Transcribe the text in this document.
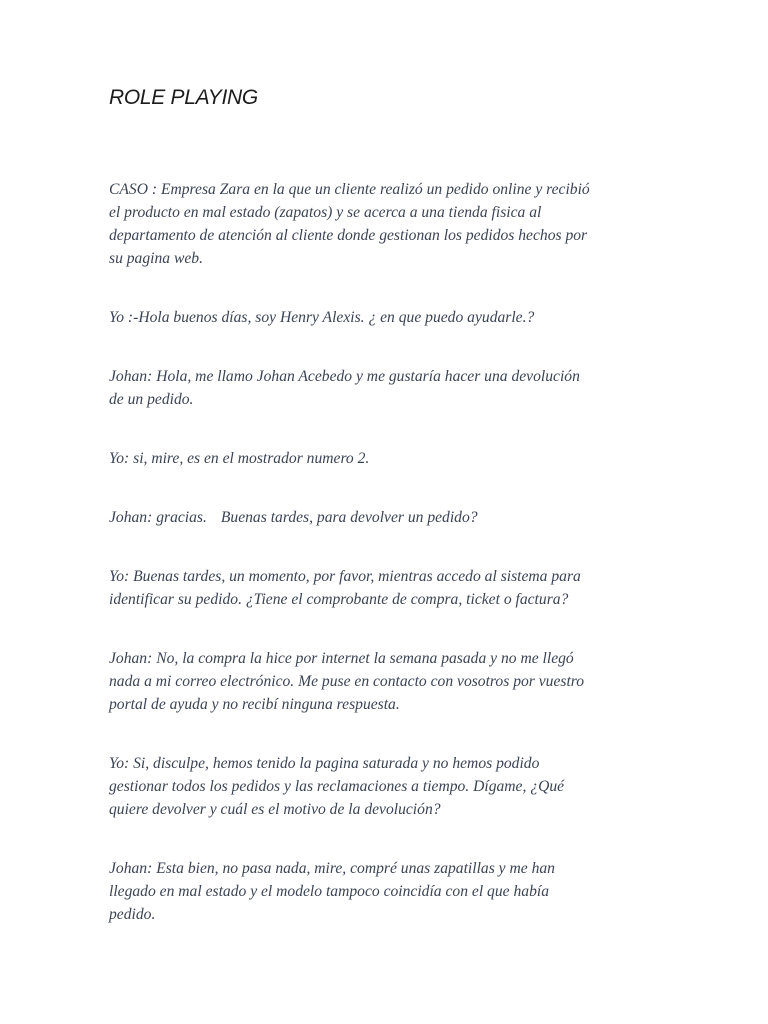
ROLE PLAYING

CASO : Empresa Zara en la que un cliente realizó un pedido online y recibió
el producto en mal estado (zapatos) y se acerca a una tienda fisica al
departamento de atención al cliente donde gestionan los pedidos hechos por
su pagina web.

Yo :-Hola buenos días, soy Henry Alexis. ¿ en que puedo ayudarle.?

Johan: Hola, me llamo Johan Acebedo y me gustaría hacer una devolución
de un pedido.

Yo: si, mire, es en el mostrador numero 2.

Johan: gracias. Buenas tardes, para devolver un pedido?

Yo: Buenas tardes, un momento, por favor, mientras accedo al sistema para
identificar su pedido. ¿Tiene el comprobante de compra, ticket o factura?

Johan: No, la compra la hice por internet la semana pasada y no me llegó
nada a mi correo electrónico. Me puse en contacto con vosotros por vuestro
portal de ayuda y no recibí ninguna respuesta.

Yo: Si, disculpe, hemos tenido la pagina saturada y no hemos podido
gestionar todos los pedidos y las reclamaciones a tiempo. Dígame, ¿Qué
quiere devolver y cuál es el motivo de la devolución?

Johan: Esta bien, no pasa nada, mire, compré unas zapatillas y me han
llegado en mal estado y el modelo tampoco coincidía con el que había
pedido.
